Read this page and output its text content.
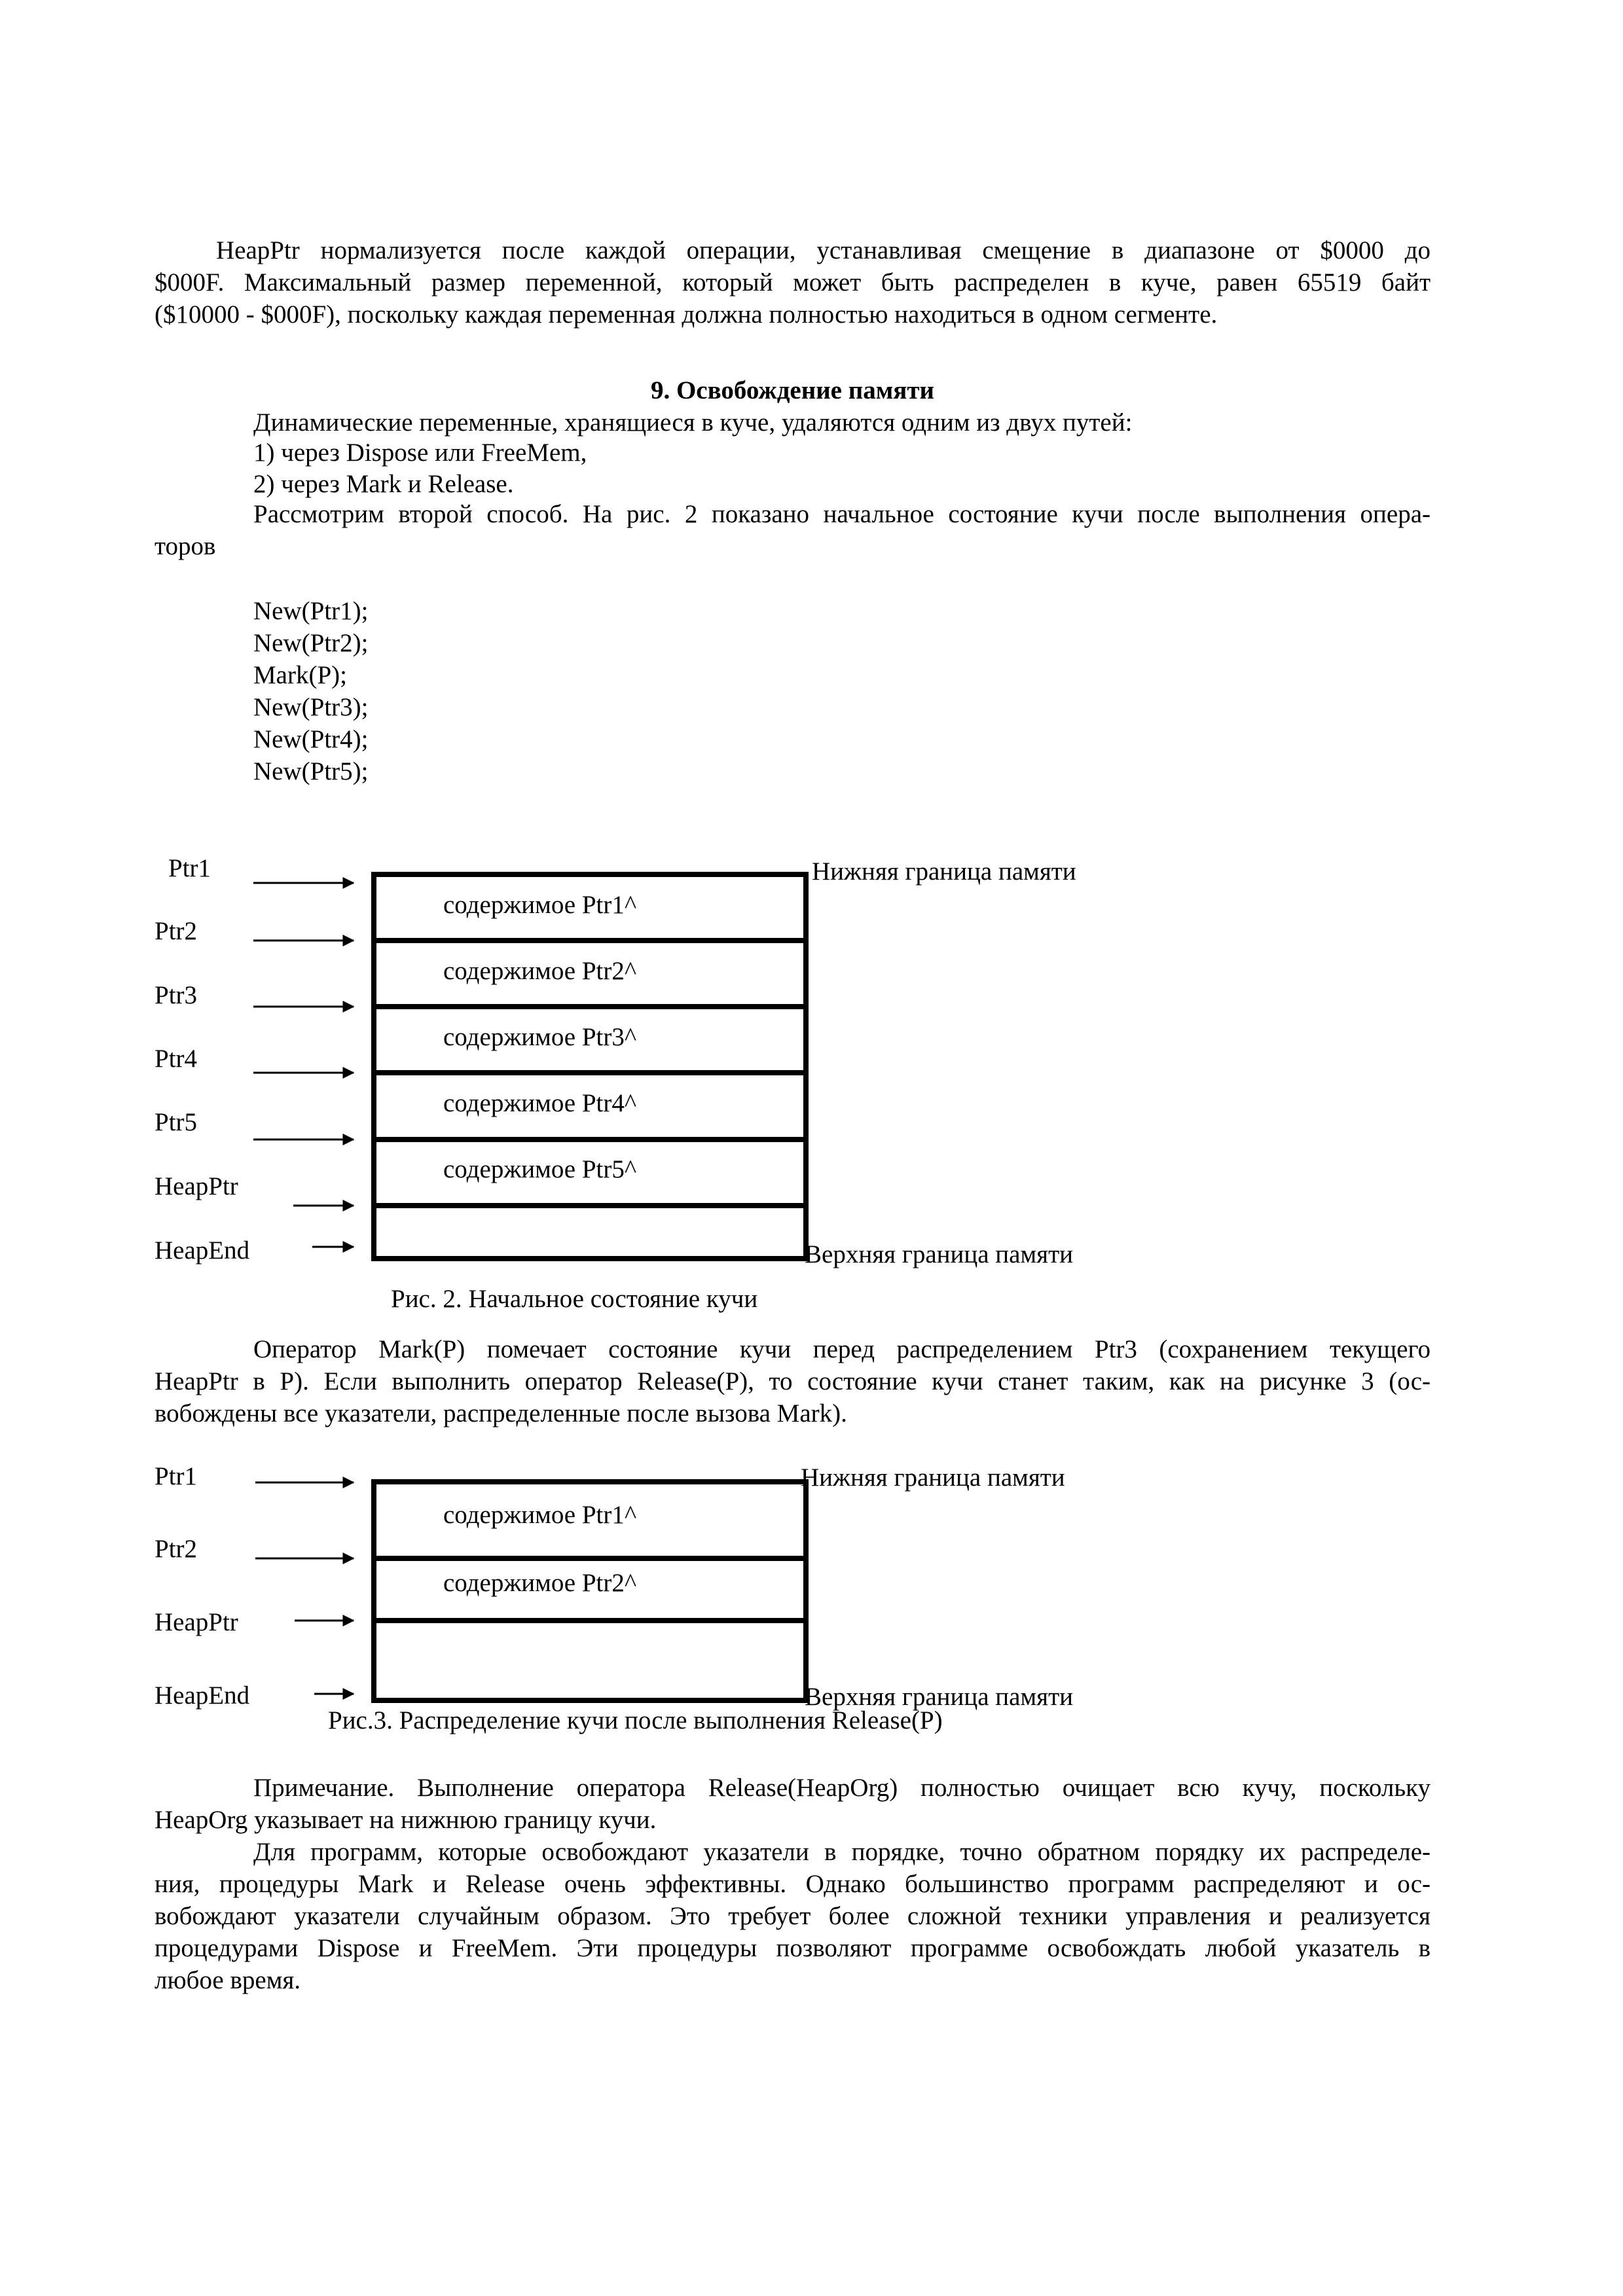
HeapPtr нормализуется после каждой операции, устанавливая смещение в диапазоне от $0000 до
$000F. Максимальный размер переменной, который может быть распределен в куче, равен 65519 байт
($10000 - $000F), поскольку каждая переменная должна полностью находиться в одном сегменте.
9. Освобождение памяти
Динамические переменные, хранящиеся в куче, удаляются одним из двух путей:
1) через Dispose или FreeMem,
2) через Mark и Release.
Рассмотрим второй способ. На рис. 2 показано начальное состояние кучи после выполнения опера-
торов
New(Ptr1);
New(Ptr2);
Mark(P);
New(Ptr3);
New(Ptr4);
New(Ptr5);
Ptr1
Ptr2
Ptr3
Ptr4
Ptr5
HeapPtr
HeapEnd
содержимое Ptr1^
содержимое Ptr2^
содержимое Ptr3^
содержимое Ptr4^
содержимое Ptr5^
Нижняя граница памяти
Верхняя граница памяти
Рис. 2. Начальное состояние кучи
Оператор Mark(P) помечает состояние кучи перед распределением Ptr3 (сохранением текущего
HeapPtr в P). Если выполнить оператор Release(P), то состояние кучи станет таким, как на рисунке 3 (ос-
вобождены все указатели, распределенные после вызова Mark).
Ptr1
Ptr2
HeapPtr
HeapEnd
содержимое Ptr1^
содержимое Ptr2^
Нижняя граница памяти
Верхняя граница памяти
Рис.3. Распределение кучи после выполнения Release(P)
Примечание. Выполнение оператора Release(HeapOrg) полностью очищает всю кучу, поскольку
HeapOrg указывает на нижнюю границу кучи.
Для программ, которые освобождают указатели в порядке, точно обратном порядку их распределе-
ния, процедуры Mark и Release очень эффективны. Однако большинство программ распределяют и ос-
вобождают указатели случайным образом. Это требует более сложной техники управления и реализуется
процедурами Dispose и FreeMem. Эти процедуры позволяют программе освобождать любой указатель в
любое время.
